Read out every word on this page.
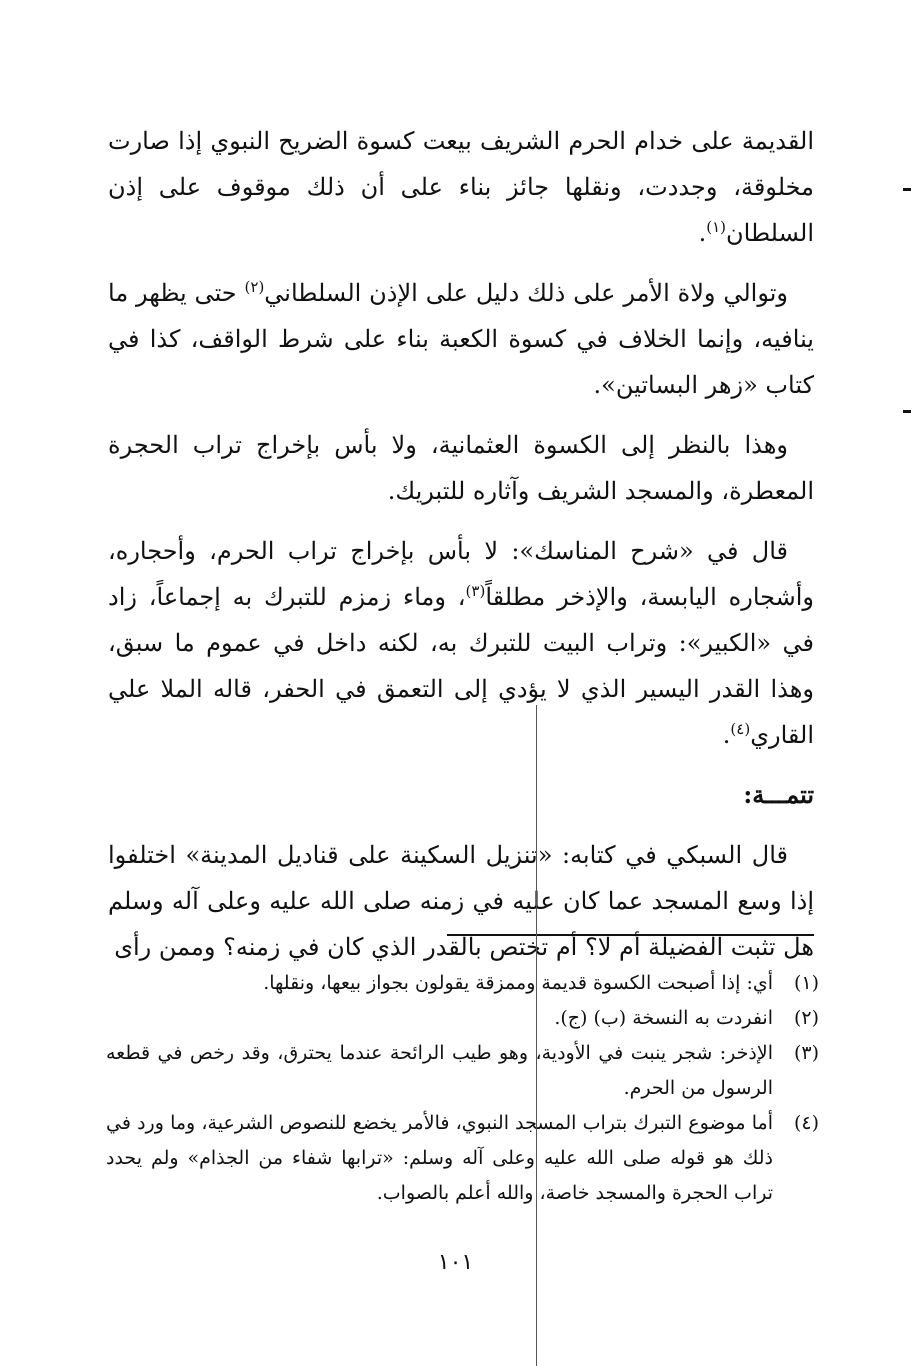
القديمة على خدام الحرم الشريف بيعت كسوة الضريح النبوي إذا صارت مخلوقة، وجددت، ونقلها جائز بناء على أن ذلك موقوف على إذن السلطان$^{(١)}$.

وتوالي ولاة الأمر على ذلك دليل على الإذن السلطاني$^{(٢)}$ حتى يظهر ما ينافيه، وإنما الخلاف في كسوة الكعبة بناء على شرط الواقف، كذا في كتاب «زهر البساتين».

وهذا بالنظر إلى الكسوة العثمانية، ولا بأس بإخراج تراب الحجرة المعطرة، والمسجد الشريف وآثاره للتبريك.

قال في «شرح المناسك»: لا بأس بإخراج تراب الحرم، وأحجاره، وأشجاره اليابسة، والإذخر مطلقاً$^{(٣)}$، وماء زمزم للتبرك به إجماعاً، زاد في «الكبير»: وتراب البيت للتبرك به، لكنه داخل في عموم ما سبق، وهذا القدر اليسير الذي لا يؤدي إلى التعمق في الحفر، قاله الملا علي القاري$^{(٤)}$.

تتمـــة:

قال السبكي في كتابه: «تنزيل السكينة على قناديل المدينة» اختلفوا إذا وسع المسجد عما كان عليه في زمنه صلى الله عليه وعلى آله وسلم هل تثبت الفضيلة أم لا؟ أم تختص بالقدر الذي كان في زمنه؟ وممن رأى

(١)
أي: إذا أصبحت الكسوة قديمة وممزقة يقولون بجواز بيعها، ونقلها.
(٢)
انفردت به النسخة (ب) (ج).
(٣)
الإذخر: شجر ينبت في الأودية، وهو طيب الرائحة عندما يحترق، وقد رخص في قطعه الرسول من الحرم.
(٤)
أما موضوع التبرك بتراب المسجد النبوي، فالأمر يخضع للنصوص الشرعية، وما ورد في ذلك هو قوله صلى الله عليه وعلى آله وسلم: «ترابها شفاء من الجذام» ولم يحدد تراب الحجرة والمسجد خاصة، والله أعلم بالصواب.
١٠١
